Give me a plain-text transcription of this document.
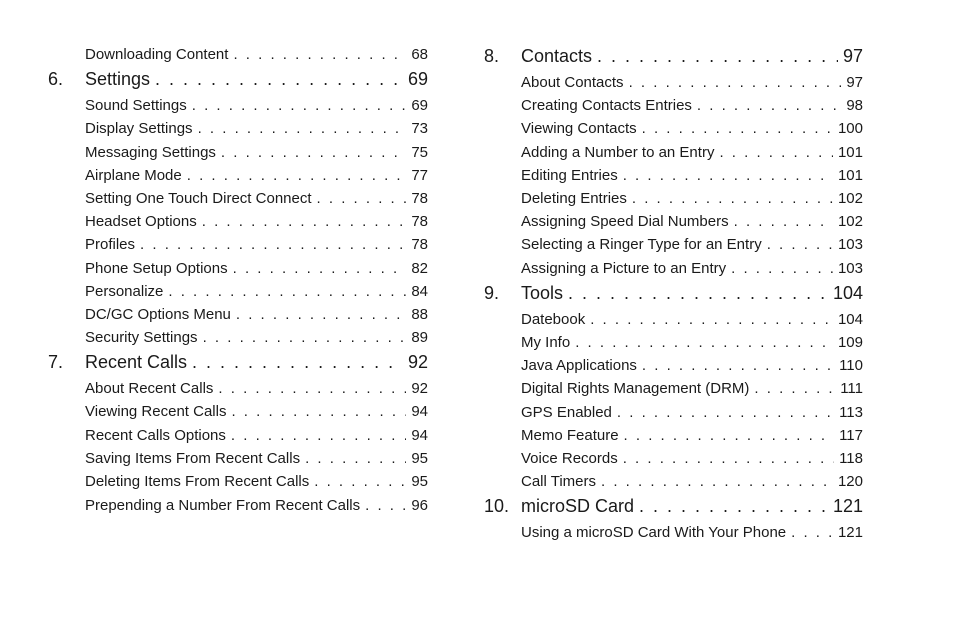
Downloading Content . . .	68
6.	Settings . . .	69
Sound Settings . . .	69
Display Settings . . .	73
Messaging Settings . . .	75
Airplane Mode . . .	77
Setting One Touch Direct Connect . . .	78
Headset Options . . .	78
Profiles . . .	78
Phone Setup Options . . .	82
Personalize . . .	84
DC/GC Options Menu . . .	88
Security Settings . . .	89
7.	Recent Calls . . .	92
About Recent Calls . . .	92
Viewing Recent Calls . . .	94
Recent Calls Options . . .	94
Saving Items From Recent Calls . . .	95
Deleting Items From Recent Calls . . .	95
Prepending a Number From Recent Calls . . .	96
8.	Contacts . . .	97
About Contacts . . .	97
Creating Contacts Entries . . .	98
Viewing Contacts . . .	100
Adding a Number to an Entry . . .	101
Editing Entries . . .	101
Deleting Entries . . .	102
Assigning Speed Dial Numbers . . .	102
Selecting a Ringer Type for an Entry . . .	103
Assigning a Picture to an Entry . . .	103
9.	Tools . . .	104
Datebook . . .	104
My Info . . .	109
Java Applications . . .	110
Digital Rights Management (DRM) . . .	111
GPS Enabled . . .	113
Memo Feature . . .	117
Voice Records . . .	118
Call Timers . . .	120
10. microSD Card . . .	121
Using a microSD Card With Your Phone . . .	121
